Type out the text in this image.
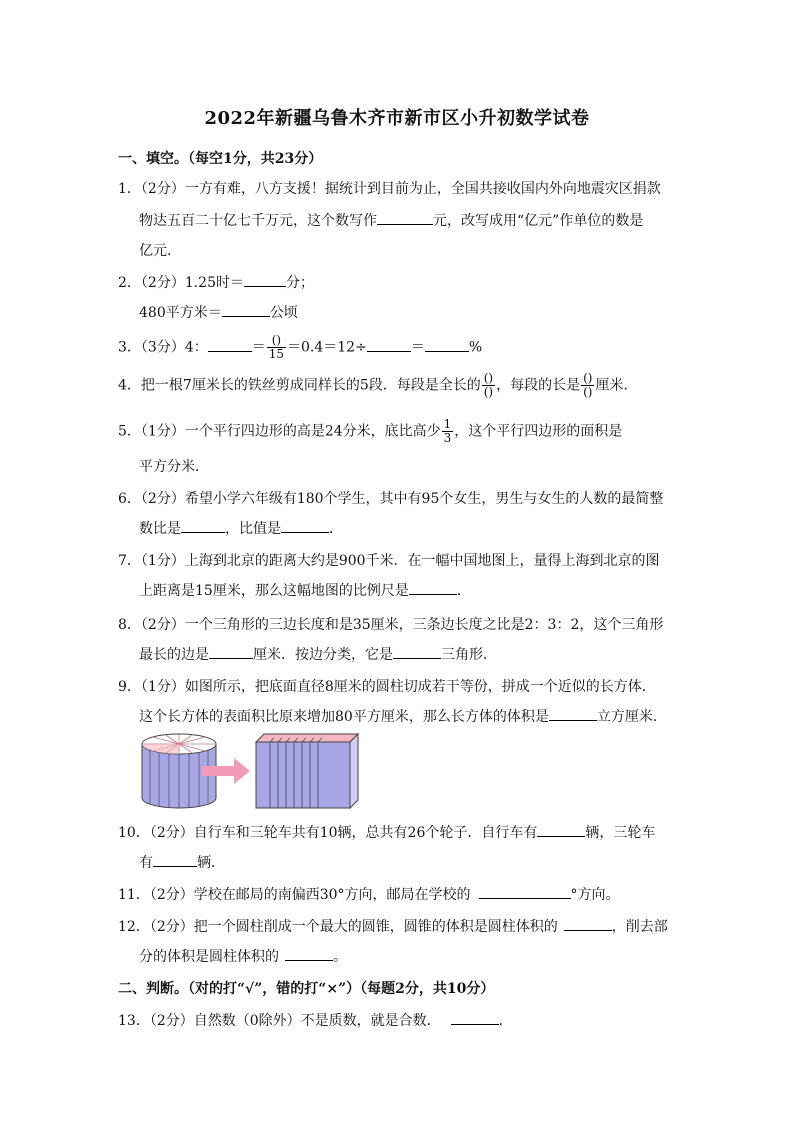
2022年新疆乌鲁木齐市新市区小升初数学试卷
一、填空。（每空1分，共23分）
1．（2分）一方有难，八方支援！据统计到目前为止，全国共接收国内外向地震灾区捐款
物达五百二十亿七千万元，这个数写作	元，改写成用“亿元”作单位的数是
亿元．
2．（2分）1.25时＝	分；
480平方米＝	公顷
3．（3分）4：	＝ $\frac{()}{15} =0.4=12\div$	＝	%
4．把一根7厘米长的铁丝剪成同样长的5段．每段是全长的 $\frac{()}{()}$ ，每段的长是 $\frac{()}{()}$ 厘米．
5．（1分）一个平行四边形的高是24分米，底比高少 $\frac{1}{3}$ ，这个平行四边形的面积是
平方分米．
6．（2分）希望小学六年级有180个学生，其中有95个女生，男生与女生的人数的最简整
数比是	，比值是	．
7．（1分）上海到北京的距离大约是900千米．在一幅中国地图上，量得上海到北京的图
上距离是15厘米，那么这幅地图的比例尺是	．
8．（2分）一个三角形的三边长度和是35厘米，三条边长度之比是2：3：2，这个三角形
最长的边是	厘米．按边分类，它是	三角形．
9．（1分）如图所示，把底面直径8厘米的圆柱切成若干等份，拼成一个近似的长方体．
这个长方体的表面积比原来增加80平方厘米，那么长方体的体积是	立方厘米．
10．（2分）自行车和三轮车共有10辆，总共有26个轮子．自行车有	辆，三轮车
有	辆．
11．（2分）学校在邮局的南偏西30°方向，邮局在学校的	°方向。
12．（2分）把一个圆柱削成一个最大的圆锥，圆锥的体积是圆柱体积的	，削去部
分的体积是圆柱体积的	。
二、判断。（对的打“√”，错的打“×”）（每题2分，共10分）
13．（2分）自然数（0除外）不是质数，就是合数．	．
